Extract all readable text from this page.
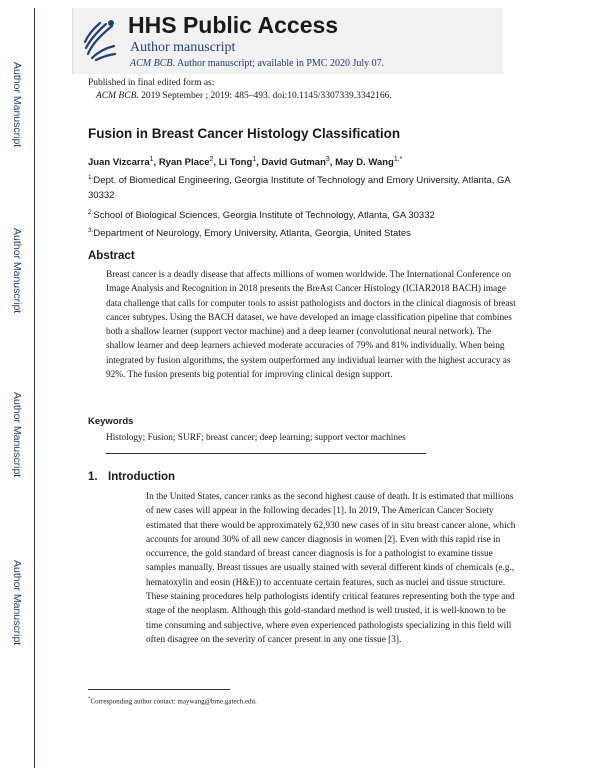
Author Manuscript
Author Manuscript
Author Manuscript
Author Manuscript
HHS Public Access
Author manuscript
ACM BCB. Author manuscript; available in PMC 2020 July 07.
Published in final edited form as:
ACM BCB. 2019 September ; 2019: 485–493. doi:10.1145/3307339.3342166.
Fusion in Breast Cancer Histology Classification
Juan Vizcarra$^1$, Ryan Place$^2$, Li Tong$^1$, David Gutman$^3$, May D. Wang$^{1,*}$
$^{1.}$Dept. of Biomedical Engineering, Georgia Institute of Technology and Emory University, Atlanta, GA 30332
$^{2.}$School of Biological Sciences, Georgia Institute of Technology, Atlanta, GA 30332
$^{3.}$Department of Neurology, Emory University, Atlanta, Georgia, United States
Abstract
Breast cancer is a deadly disease that affects millions of women worldwide. The International Conference on Image Analysis and Recognition in 2018 presents the BreAst Cancer Histology (ICIAR2018 BACH) image data challenge that calls for computer tools to assist pathologists and doctors in the clinical diagnosis of breast cancer subtypes. Using the BACH dataset, we have developed an image classification pipeline that combines both a shallow learner (support vector machine) and a deep learner (convolutional neural network). The shallow learner and deep learners achieved moderate accuracies of 79% and 81% individually. When being integrated by fusion algorithms, the system outperformed any individual learner with the highest accuracy as 92%. The fusion presents big potential for improving clinical design support.
Keywords
Histology; Fusion; SURF; breast cancer; deep learning; support vector machines
1. Introduction
In the United States, cancer ranks as the second highest cause of death. It is estimated that millions of new cases will appear in the following decades [1]. In 2019, The American Cancer Society estimated that there would be approximately 62,930 new cases of in situ breast cancer alone, which accounts for around 30% of all new cancer diagnosis in women [2]. Even with this rapid rise in occurrence, the gold standard of breast cancer diagnosis is for a pathologist to examine tissue samples manually. Breast tissues are usually stained with several different kinds of chemicals (e.g., hematoxylin and eosin (H&E)) to accentuate certain features, such as nuclei and tissue structure. These staining procedures help pathologists identify critical features representing both the type and stage of the neoplasm. Although this gold-standard method is well trusted, it is well-known to be time consuming and subjective, where even experienced pathologists specializing in this field will often disagree on the severity of cancer present in any one tissue [3].
*Corresponding author contact: maywang@bme.gatech.edu.
